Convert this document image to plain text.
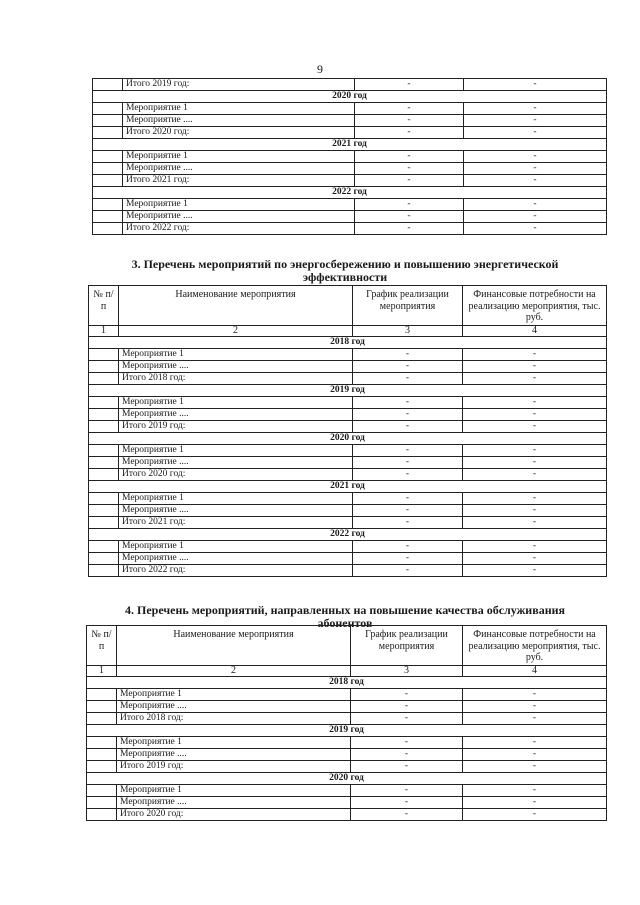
9
	Итого 2019 год:	-	-
2020 год			
	Мероприятие 1	-	-
	Мероприятие ....	-	-
	Итого 2020 год:	-	-
2021 год			
	Мероприятие 1	-	-
	Мероприятие ....	-	-
	Итого 2021 год:	-	-
2022 год			
	Мероприятие 1	-	-
	Мероприятие ....	-	-
	Итого 2022 год:	-	-
3. Перечень мероприятий по энергосбережению и повышению энергетической
эффективности
№ п/п	Наименование мероприятия	График реализации мероприятия	Финансовые потребности на реализацию мероприятия, тыс. руб.
1	2	3	4
2018 год			
	Мероприятие 1	-	-
	Мероприятие ....	-	-
	Итого 2018 год:	-	-
2019 год			
	Мероприятие 1	-	-
	Мероприятие ....	-	-
	Итого 2019 год:	-	-
2020 год			
	Мероприятие 1	-	-
	Мероприятие ....	-	-
	Итого 2020 год:	-	-
2021 год			
	Мероприятие 1	-	-
	Мероприятие ....	-	-
	Итого 2021 год:	-	-
2022 год			
	Мероприятие 1	-	-
	Мероприятие ....	-	-
	Итого 2022 год:	-	-
4. Перечень мероприятий, направленных на повышение качества обслуживания
абонентов
№ п/п	Наименование мероприятия	График реализации мероприятия	Финансовые потребности на реализацию мероприятия, тыс. руб.
1	2	3	4
2018 год			
	Мероприятие 1	-	-
	Мероприятие ....	-	-
	Итого 2018 год:	-	-
2019 год			
	Мероприятие 1	-	-
	Мероприятие ....	-	-
	Итого 2019 год:	-	-
2020 год			
	Мероприятие 1	-	-
	Мероприятие ....	-	-
	Итого 2020 год:	-	-
